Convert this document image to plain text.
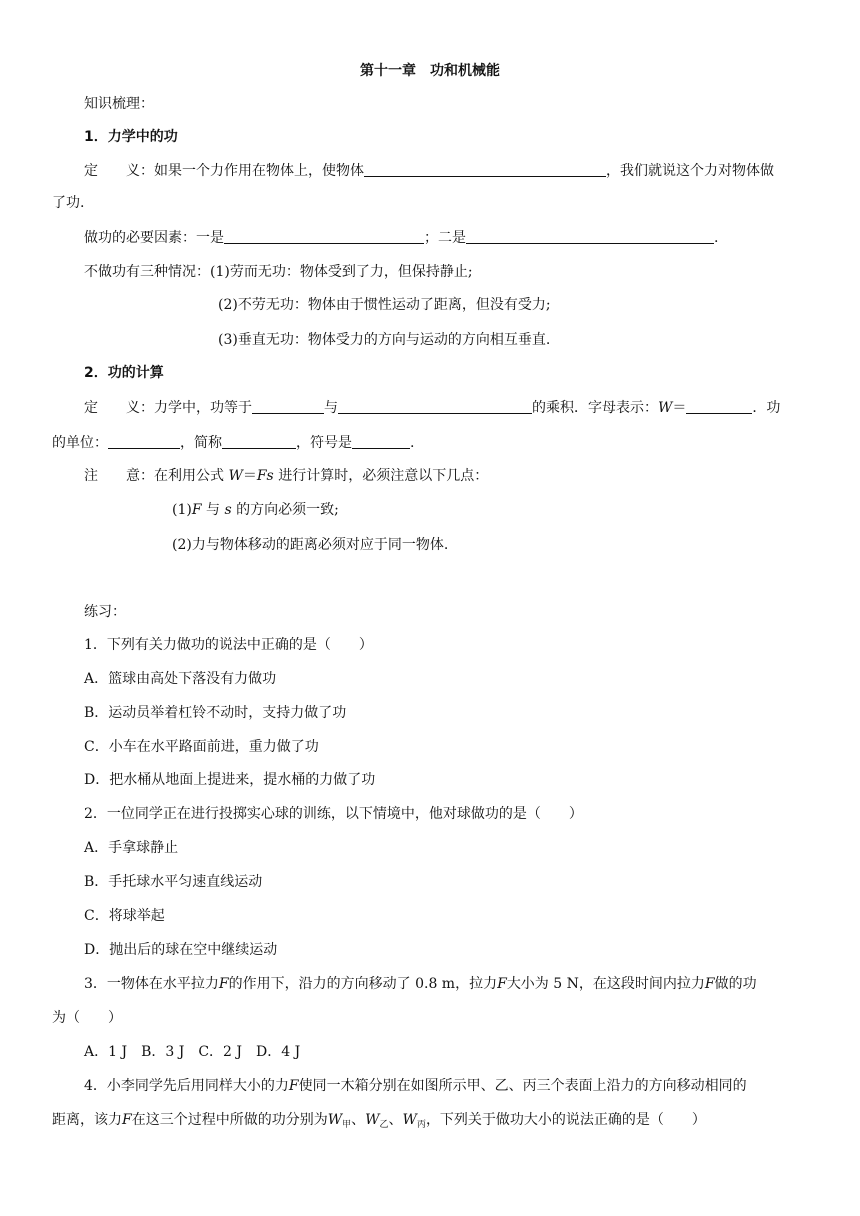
第十一章　功和机械能
知识梳理：
1．力学中的功
定　　义：如果一个力作用在物体上，使物体	，我们就说这个力对物体做
了功.
做功的必要因素：一是	；二是	.
不做功有三种情况：(1)劳而无功：物体受到了力，但保持静止;
(2)不劳无功：物体由于惯性运动了距离，但没有受力;
(3)垂直无功：物体受力的方向与运动的方向相互垂直.
2．功的计算
定　　义：力学中，功等于	与	的乘积．字母表示：W＝	．功
的单位：	，简称	，符号是	.
注　　意：在利用公式 W＝Fs 进行计算时，必须注意以下几点：
(1)F 与 s 的方向必须一致;
(2)力与物体移动的距离必须对应于同一物体.
练习：
1．下列有关力做功的说法中正确的是（　　）
A．篮球由高处下落没有力做功
B．运动员举着杠铃不动时，支持力做了功
C．小车在水平路面前进，重力做了功
D．把水桶从地面上提进来，提水桶的力做了功
2．一位同学正在进行投掷实心球的训练，以下情境中，他对球做功的是（　　）
A．手拿球静止
B．手托球水平匀速直线运动
C．将球举起
D．抛出后的球在空中继续运动
3．一物体在水平拉力F的作用下，沿力的方向移动了 0.8 m，拉力F大小为 5 N，在这段时间内拉力F做的功
为（　　）
A．1 J　B．3 J　C．2 J　D．4 J
4．小李同学先后用同样大小的力F使同一木箱分别在如图所示甲、乙、丙三个表面上沿力的方向移动相同的
距离，该力F在这三个过程中所做的功分别为$W_甲$、$W_乙$、$W_丙$，下列关于做功大小的说法正确的是（　　）
